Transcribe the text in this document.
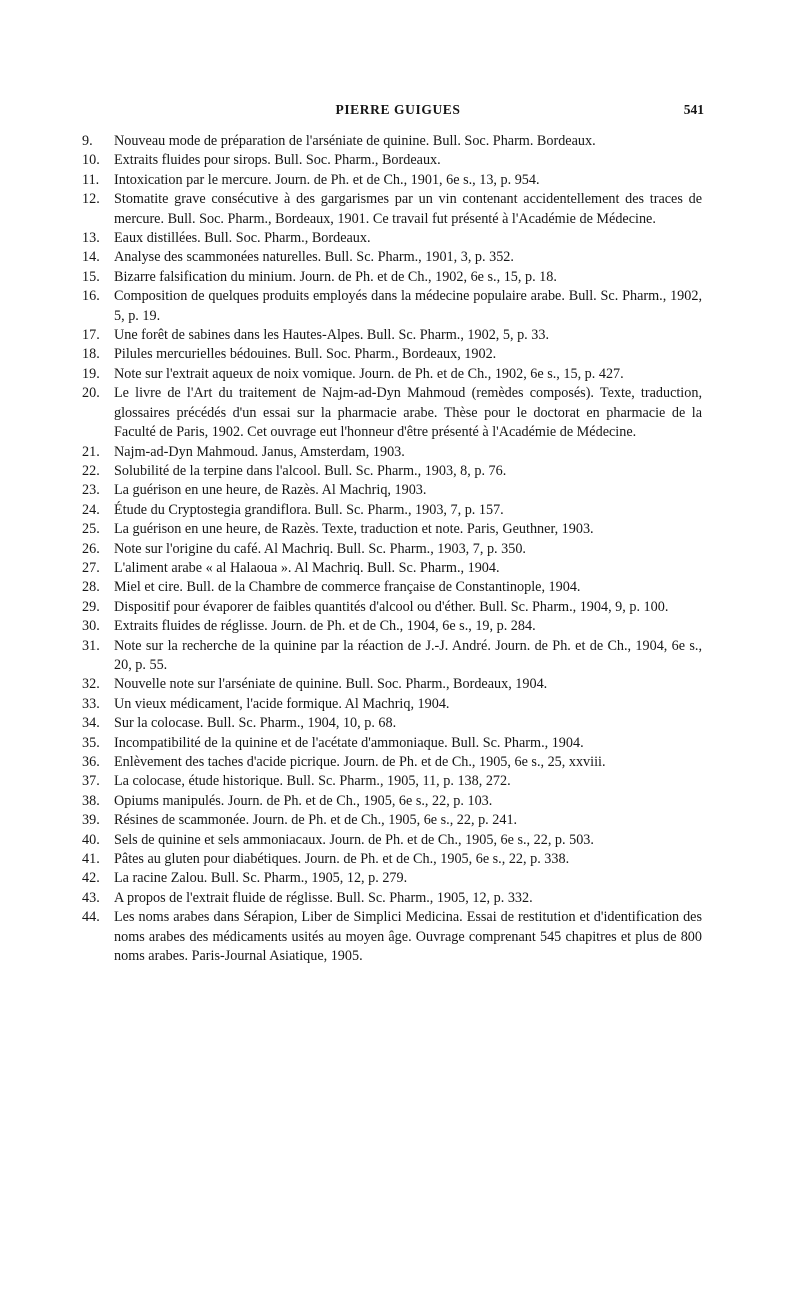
PIERRE GUIGUES	541
9.	Nouveau mode de préparation de l'arséniate de quinine. Bull. Soc. Pharm. Bordeaux.
10.	Extraits fluides pour sirops. Bull. Soc. Pharm., Bordeaux.
11.	Intoxication par le mercure. Journ. de Ph. et de Ch., 1901, 6e s., 13, p. 954.
12.	Stomatite grave consécutive à des gargarismes par un vin contenant accidentellement des traces de mercure. Bull. Soc. Pharm., Bordeaux, 1901. Ce travail fut présenté à l'Académie de Médecine.
13.	Eaux distillées. Bull. Soc. Pharm., Bordeaux.
14.	Analyse des scammonées naturelles. Bull. Sc. Pharm., 1901, 3, p. 352.
15.	Bizarre falsification du minium. Journ. de Ph. et de Ch., 1902, 6e s., 15, p. 18.
16.	Composition de quelques produits employés dans la médecine populaire arabe. Bull. Sc. Pharm., 1902, 5, p. 19.
17.	Une forêt de sabines dans les Hautes-Alpes. Bull. Sc. Pharm., 1902, 5, p. 33.
18.	Pilules mercurielles bédouines. Bull. Soc. Pharm., Bordeaux, 1902.
19.	Note sur l'extrait aqueux de noix vomique. Journ. de Ph. et de Ch., 1902, 6e s., 15, p. 427.
20.	Le livre de l'Art du traitement de Najm-ad-Dyn Mahmoud (remèdes composés). Texte, traduction, glossaires précédés d'un essai sur la pharmacie arabe. Thèse pour le doctorat en pharmacie de la Faculté de Paris, 1902. Cet ouvrage eut l'honneur d'être présenté à l'Académie de Médecine.
21.	Najm-ad-Dyn Mahmoud. Janus, Amsterdam, 1903.
22.	Solubilité de la terpine dans l'alcool. Bull. Sc. Pharm., 1903, 8, p. 76.
23.	La guérison en une heure, de Razès. Al Machriq, 1903.
24.	Étude du Cryptostegia grandiflora. Bull. Sc. Pharm., 1903, 7, p. 157.
25.	La guérison en une heure, de Razès. Texte, traduction et note. Paris, Geuthner, 1903.
26.	Note sur l'origine du café. Al Machriq. Bull. Sc. Pharm., 1903, 7, p. 350.
27.	L'aliment arabe « al Halaoua ». Al Machriq. Bull. Sc. Pharm., 1904.
28.	Miel et cire. Bull. de la Chambre de commerce française de Constantinople, 1904.
29.	Dispositif pour évaporer de faibles quantités d'alcool ou d'éther. Bull. Sc. Pharm., 1904, 9, p. 100.
30.	Extraits fluides de réglisse. Journ. de Ph. et de Ch., 1904, 6e s., 19, p. 284.
31.	Note sur la recherche de la quinine par la réaction de J.-J. André. Journ. de Ph. et de Ch., 1904, 6e s., 20, p. 55.
32.	Nouvelle note sur l'arséniate de quinine. Bull. Soc. Pharm., Bordeaux, 1904.
33.	Un vieux médicament, l'acide formique. Al Machriq, 1904.
34.	Sur la colocase. Bull. Sc. Pharm., 1904, 10, p. 68.
35.	Incompatibilité de la quinine et de l'acétate d'ammoniaque. Bull. Sc. Pharm., 1904.
36.	Enlèvement des taches d'acide picrique. Journ. de Ph. et de Ch., 1905, 6e s., 25, xxviii.
37.	La colocase, étude historique. Bull. Sc. Pharm., 1905, 11, p. 138, 272.
38.	Opiums manipulés. Journ. de Ph. et de Ch., 1905, 6e s., 22, p. 103.
39.	Résines de scammonée. Journ. de Ph. et de Ch., 1905, 6e s., 22, p. 241.
40.	Sels de quinine et sels ammoniacaux. Journ. de Ph. et de Ch., 1905, 6e s., 22, p. 503.
41.	Pâtes au gluten pour diabétiques. Journ. de Ph. et de Ch., 1905, 6e s., 22, p. 338.
42.	La racine Zalou. Bull. Sc. Pharm., 1905, 12, p. 279.
43.	A propos de l'extrait fluide de réglisse. Bull. Sc. Pharm., 1905, 12, p. 332.
44.	Les noms arabes dans Sérapion, Liber de Simplici Medicina. Essai de restitution et d'identification des noms arabes des médicaments usités au moyen âge. Ouvrage comprenant 545 chapitres et plus de 800 noms arabes. Paris-Journal Asiatique, 1905.
